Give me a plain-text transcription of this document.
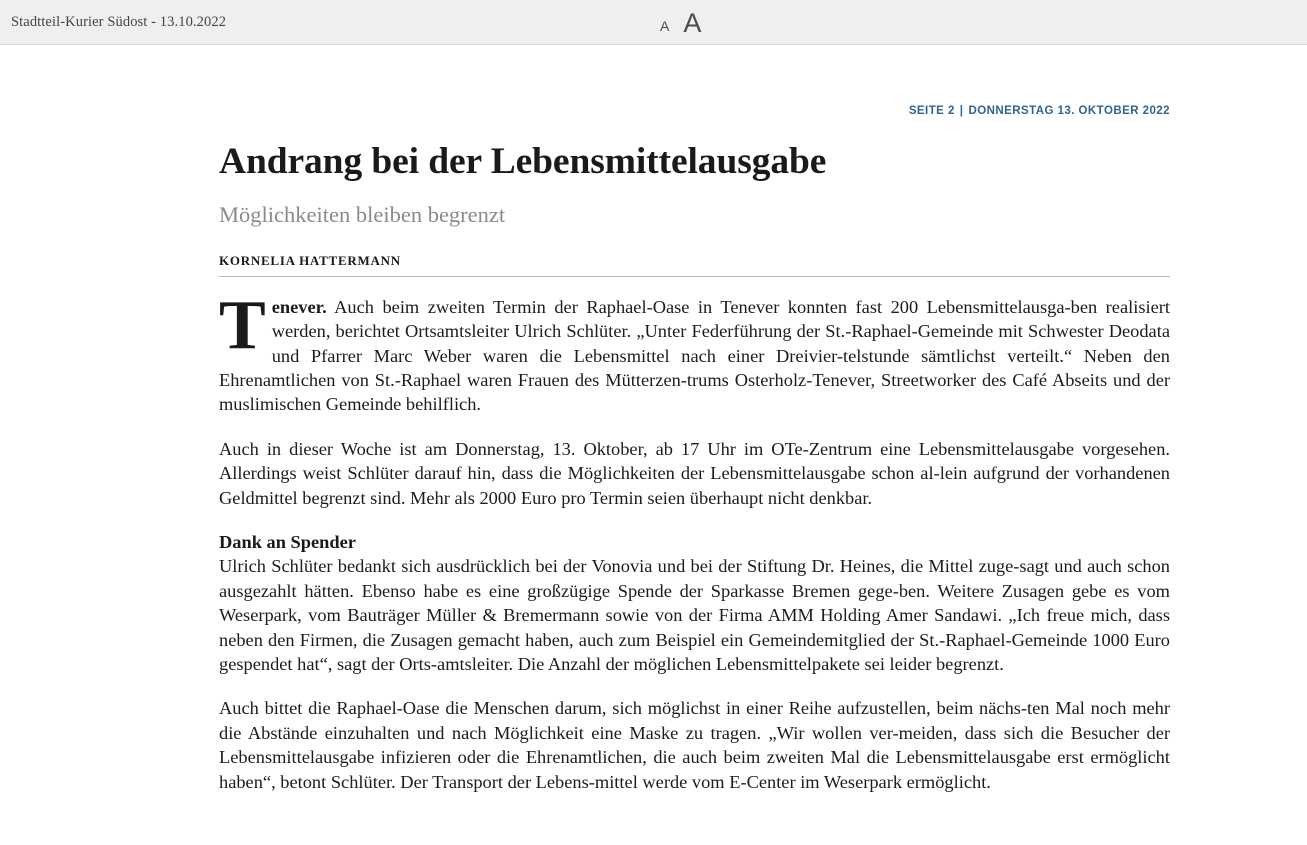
Stadtteil-Kurier Südost - 13.10.2022	A A
SEITE 2 | DONNERSTAG 13. OKTOBER 2022
Andrang bei der Lebensmittelausgabe
Möglichkeiten bleiben begrenzt
KORNELIA HATTERMANN

Tenever. Auch beim zweiten Termin der Raphael-Oase in Tenever konnten fast 200 Lebensmittelausga-ben realisiert werden, berichtet Ortsamtsleiter Ulrich Schlüter. „Unter Federführung der St.-Raphael-Gemeinde mit Schwester Deodata und Pfarrer Marc Weber waren die Lebensmittel nach einer Dreivier-telstunde sämtlichst verteilt.“ Neben den Ehrenamtlichen von St.-Raphael waren Frauen des Mütterzen-trums Osterholz-Tenever, Streetworker des Café Abseits und der muslimischen Gemeinde behilflich.

Auch in dieser Woche ist am Donnerstag, 13. Oktober, ab 17 Uhr im OTe-Zentrum eine Lebensmittelausgabe vorgesehen. Allerdings weist Schlüter darauf hin, dass die Möglichkeiten der Lebensmittelausgabe schon al-lein aufgrund der vorhandenen Geldmittel begrenzt sind. Mehr als 2000 Euro pro Termin seien überhaupt nicht denkbar.

Dank an Spender

Ulrich Schlüter bedankt sich ausdrücklich bei der Vonovia und bei der Stiftung Dr. Heines, die Mittel zuge-sagt und auch schon ausgezahlt hätten. Ebenso habe es eine großzügige Spende der Sparkasse Bremen gege-ben. Weitere Zusagen gebe es vom Weserpark, vom Bauträger Müller & Bremermann sowie von der Firma AMM Holding Amer Sandawi. „Ich freue mich, dass neben den Firmen, die Zusagen gemacht haben, auch zum Beispiel ein Gemeindemitglied der St.-Raphael-Gemeinde 1000 Euro gespendet hat“, sagt der Orts-amtsleiter. Die Anzahl der möglichen Lebensmittelpakete sei leider begrenzt.

Auch bittet die Raphael-Oase die Menschen darum, sich möglichst in einer Reihe aufzustellen, beim nächs-ten Mal noch mehr die Abstände einzuhalten und nach Möglichkeit eine Maske zu tragen. „Wir wollen ver-meiden, dass sich die Besucher der Lebensmittelausgabe infizieren oder die Ehrenamtlichen, die auch beim zweiten Mal die Lebensmittelausgabe erst ermöglicht haben“, betont Schlüter. Der Transport der Lebens-mittel werde vom E-Center im Weserpark ermöglicht.
